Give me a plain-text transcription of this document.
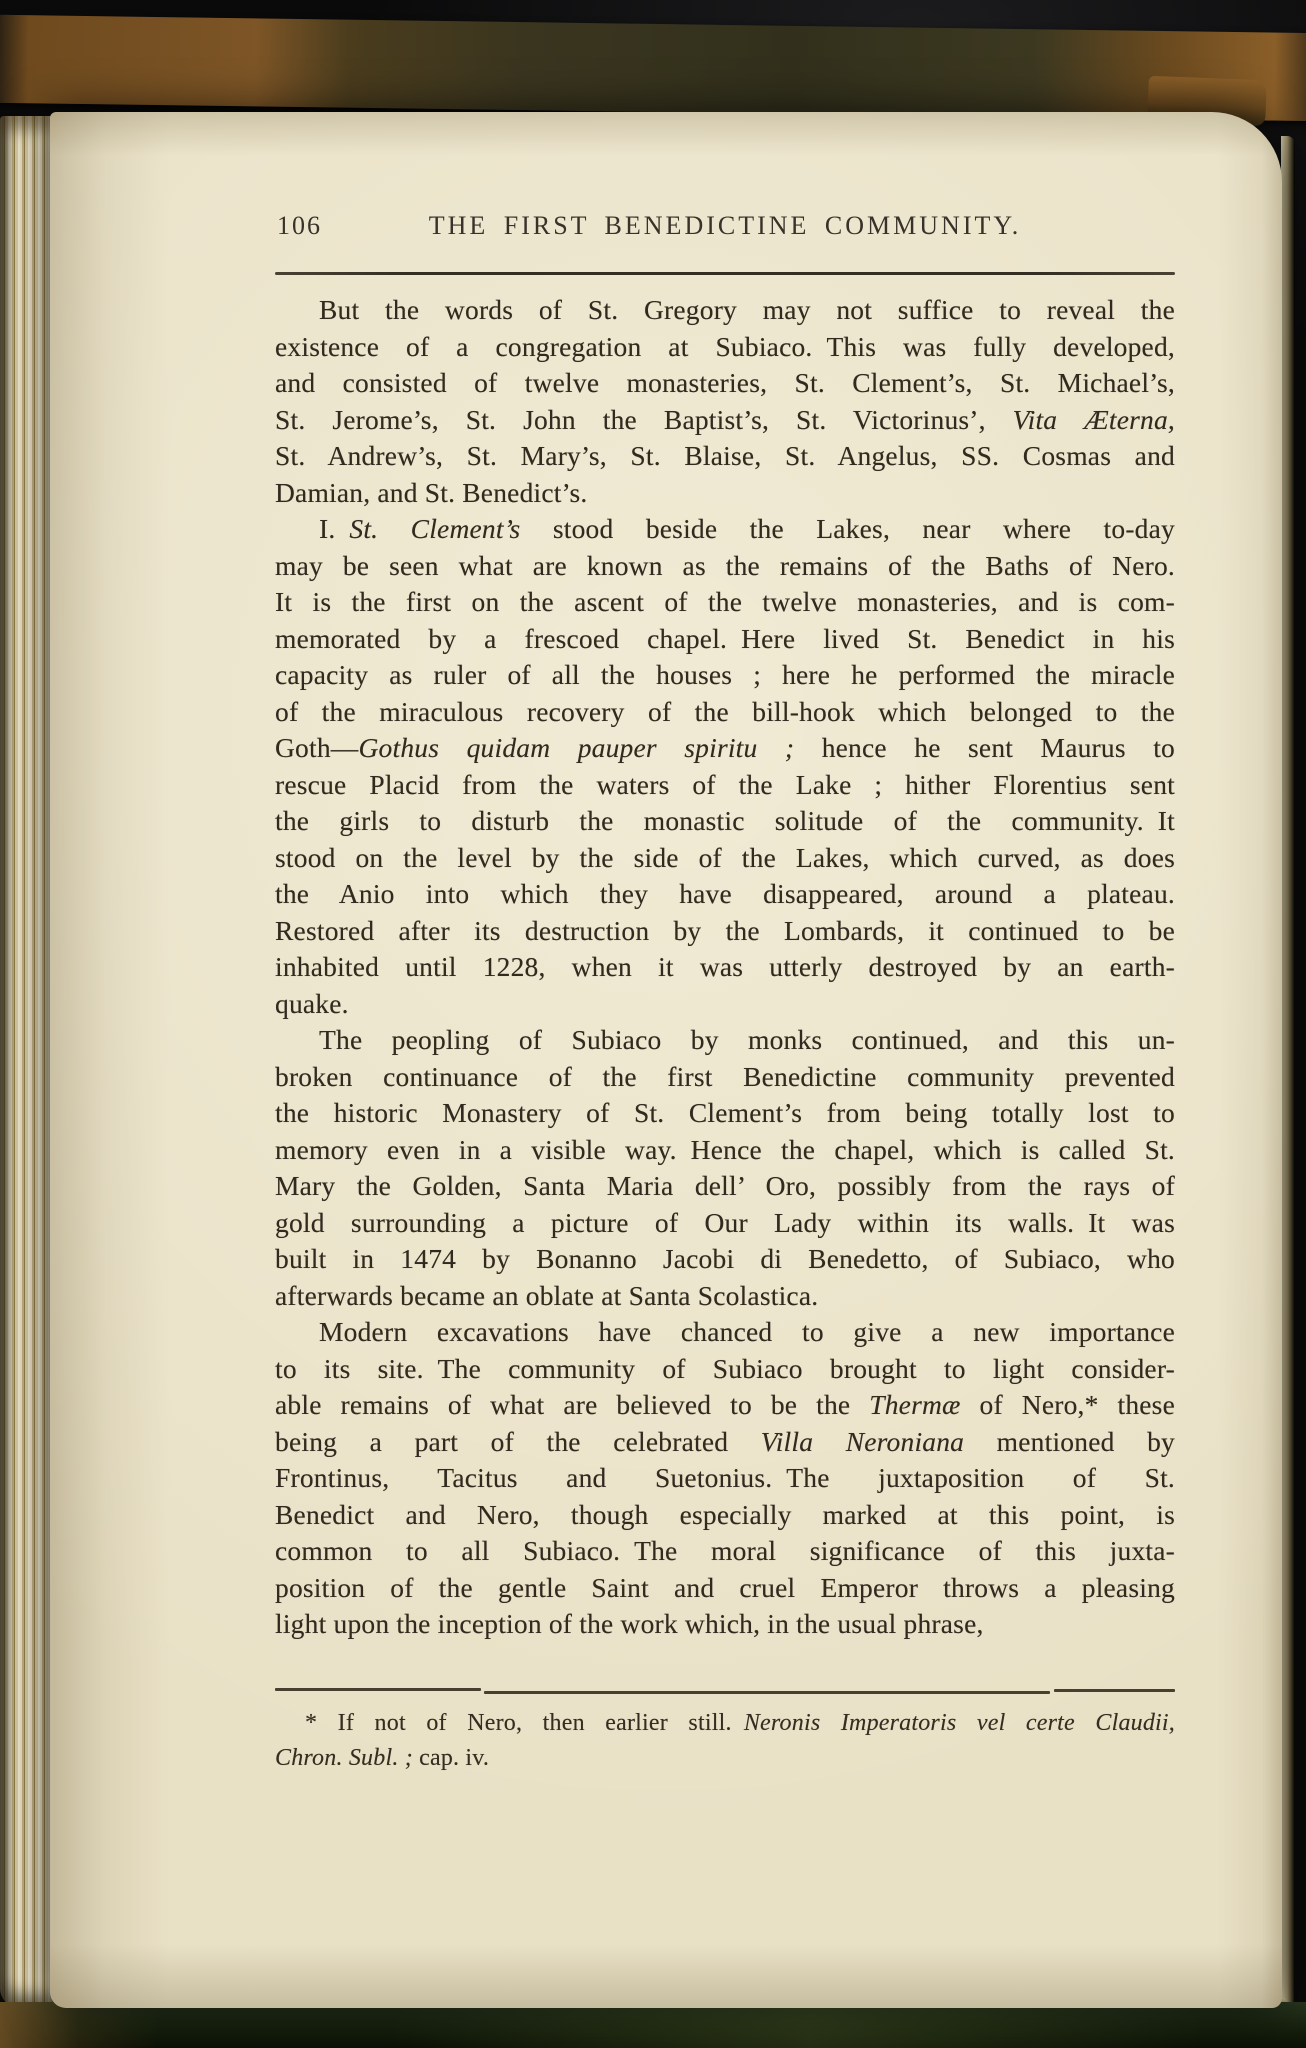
106	THE FIRST BENEDICTINE COMMUNITY.
But the words of St. Gregory may not suffice to reveal the
existence of a congregation at Subiaco. This was fully developed,
and consisted of twelve monasteries, St. Clement’s, St. Michael’s,
St. Jerome’s, St. John the Baptist’s, St. Victorinus’, Vita Æterna,
St. Andrew’s, St. Mary’s, St. Blaise, St. Angelus, SS. Cosmas and
Damian, and St. Benedict’s.
I. St. Clement’s stood beside the Lakes, near where to-day
may be seen what are known as the remains of the Baths of Nero.
It is the first on the ascent of the twelve monasteries, and is com-
memorated by a frescoed chapel. Here lived St. Benedict in his
capacity as ruler of all the houses ; here he performed the miracle
of the miraculous recovery of the bill-hook which belonged to the
Goth—Gothus quidam pauper spiritu ; hence he sent Maurus to
rescue Placid from the waters of the Lake ; hither Florentius sent
the girls to disturb the monastic solitude of the community. It
stood on the level by the side of the Lakes, which curved, as does
the Anio into which they have disappeared, around a plateau.
Restored after its destruction by the Lombards, it continued to be
inhabited until 1228, when it was utterly destroyed by an earth-
quake.
The peopling of Subiaco by monks continued, and this un-
broken continuance of the first Benedictine community prevented
the historic Monastery of St. Clement’s from being totally lost to
memory even in a visible way. Hence the chapel, which is called St.
Mary the Golden, Santa Maria dell’ Oro, possibly from the rays of
gold surrounding a picture of Our Lady within its walls. It was
built in 1474 by Bonanno Jacobi di Benedetto, of Subiaco, who
afterwards became an oblate at Santa Scolastica.
Modern excavations have chanced to give a new importance
to its site. The community of Subiaco brought to light consider-
able remains of what are believed to be the Thermæ of Nero,* these
being a part of the celebrated Villa Neroniana mentioned by
Frontinus, Tacitus and Suetonius. The juxtaposition of St.
Benedict and Nero, though especially marked at this point, is
common to all Subiaco. The moral significance of this juxta-
position of the gentle Saint and cruel Emperor throws a pleasing
light upon the inception of the work which, in the usual phrase,
* If not of Nero, then earlier still. Neronis Imperatoris vel certe Claudii,
Chron. Subl. ; cap. iv.
